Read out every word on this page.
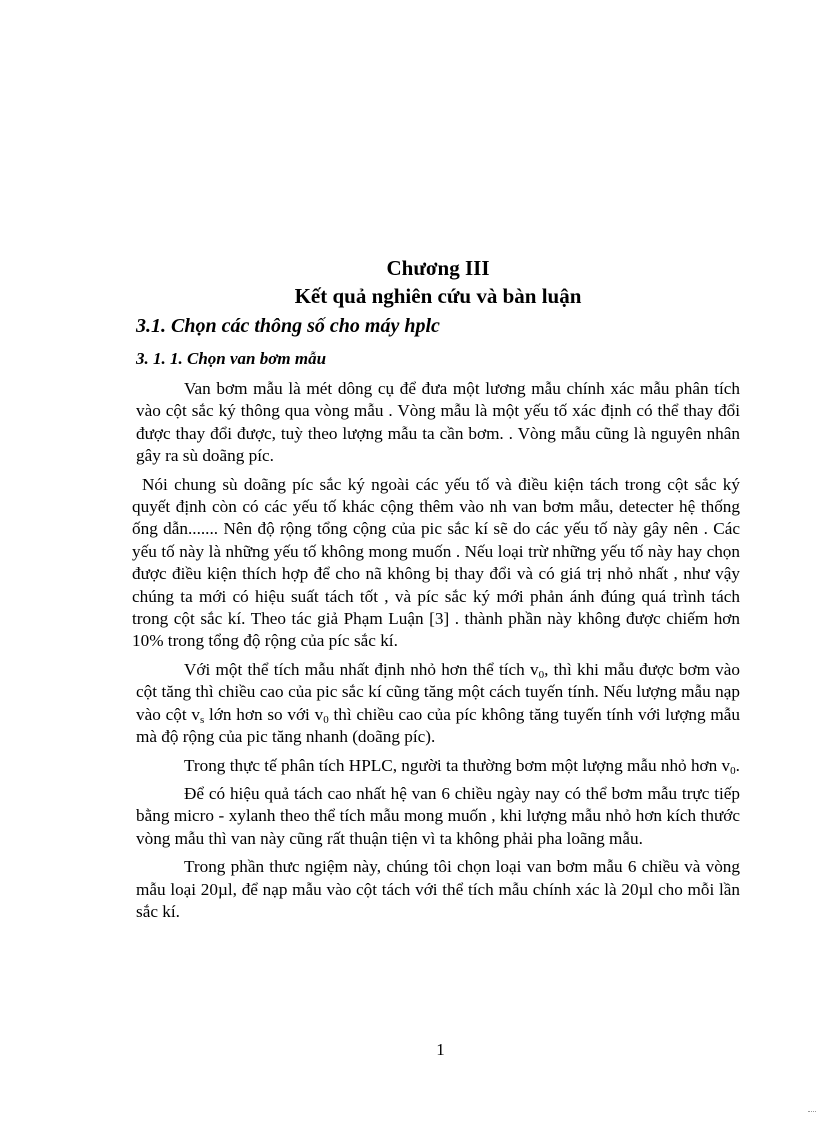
Chương III
Kết quả nghiên cứu và bàn luận
3.1. Chọn các thông số cho máy hplc
3. 1. 1. Chọn van bơm mẫu

Van bơm mẫu là mét dông cụ để đưa một lương mẫu chính xác mẫu phân tích vào cột sắc ký thông qua vòng mẫu . Vòng mẫu là một yếu tố xác định có thể thay đổi được thay đổi được, tuỳ theo lượng mẫu ta cần bơm. . Vòng mẫu cũng là nguyên nhân gây ra sù doãng píc.

Nói chung sù doãng píc sắc ký ngoài các yếu tố và điều kiện tách trong cột sắc ký quyết định còn có các yếu tố khác cộng thêm vào nh van bơm mẫu, detecter hệ thống ống dẫn....... Nên độ rộng tổng cộng của pic sắc kí sẽ do các yếu tố này gây nên . Các yếu tố này là những yếu tố không mong muốn . Nếu loại trừ những yếu tố này hay chọn được điều kiện thích hợp để cho nã không bị thay đổi và có giá trị nhỏ nhất , như vậy chúng ta mới có hiệu suất tách tốt , và píc sắc ký mới phản ánh đúng quá trình tách trong cột sắc kí. Theo tác giả Phạm Luận [3] . thành phần này không được chiếm hơn 10% trong tổng độ rộng của píc sắc kí.

Với một thể tích mẫu nhất định nhỏ hơn thể tích $v_0$, thì khi mẫu được bơm vào cột tăng thì chiều cao của pic sắc kí cũng tăng một cách tuyến tính. Nếu lượng mẫu nạp vào cột $v_s$ lớn hơn so với $v_0$ thì chiều cao của píc không tăng tuyến tính với lượng mẫu mà độ rộng của pic tăng nhanh (doãng píc).

Trong thực tế phân tích HPLC, người ta thường bơm một lượng mẫu nhỏ hơn $v_0$.

Để có hiệu quả tách cao nhất hệ van 6 chiều ngày nay có thể bơm mẫu trực tiếp bằng micro - xylanh theo thể tích mẫu mong muốn , khi lượng mẫu nhỏ hơn kích thước vòng mẫu thì van này cũng rất thuận tiện vì ta không phải pha loãng mẫu.

Trong phần thưc ngiệm này, chúng tôi chọn loại van bơm mẫu 6 chiều và vòng mẫu loại 20µl, để nạp mẫu vào cột tách với thể tích mẫu chính xác là 20µl cho mỗi lần sắc kí.

1
